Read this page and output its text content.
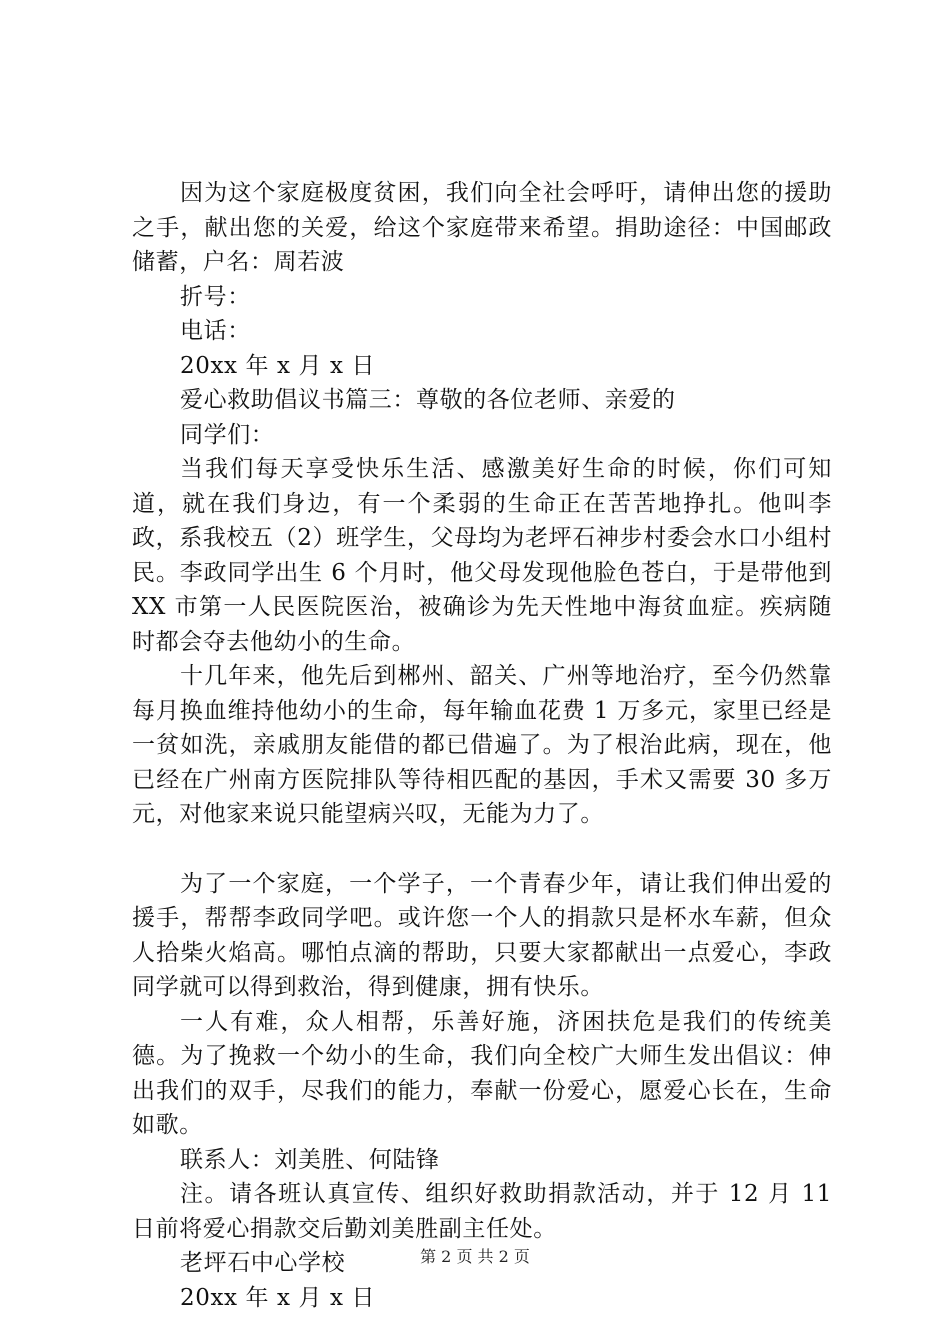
因为这个家庭极度贫困，我们向全社会呼吁，请伸出您的援助之手，献出您的关爱，给这个家庭带来希望。捐助途径：中国邮政储蓄，户名：周若波

折号：

电话：

20xx 年 x 月 x 日

爱心救助倡议书篇三：尊敬的各位老师、亲爱的

同学们：

当我们每天享受快乐生活、感激美好生命的时候，你们可知道，就在我们身边，有一个柔弱的生命正在苦苦地挣扎。他叫李政，系我校五（2）班学生，父母均为老坪石神步村委会水口小组村民。李政同学出生 6 个月时，他父母发现他脸色苍白，于是带他到 XX 市第一人民医院医治，被确诊为先天性地中海贫血症。疾病随时都会夺去他幼小的生命。

十几年来，他先后到郴州、韶关、广州等地治疗，至今仍然靠每月换血维持他幼小的生命，每年输血花费 1 万多元，家里已经是一贫如洗，亲戚朋友能借的都已借遍了。为了根治此病，现在，他已经在广州南方医院排队等待相匹配的基因，手术又需要 30 多万元，对他家来说只能望病兴叹，无能为力了。

为了一个家庭，一个学子，一个青春少年，请让我们伸出爱的援手，帮帮李政同学吧。或许您一个人的捐款只是杯水车薪，但众人拾柴火焰高。哪怕点滴的帮助，只要大家都献出一点爱心，李政同学就可以得到救治，得到健康，拥有快乐。

一人有难，众人相帮，乐善好施，济困扶危是我们的传统美德。为了挽救一个幼小的生命，我们向全校广大师生发出倡议：伸出我们的双手，尽我们的能力，奉献一份爱心，愿爱心长在，生命如歌。

联系人：刘美胜、何陆锋

注。请各班认真宣传、组织好救助捐款活动，并于 12 月 11 日前将爱心捐款交后勤刘美胜副主任处。

老坪石中心学校

20xx 年 x 月 x 日

第 2 页 共 2 页
